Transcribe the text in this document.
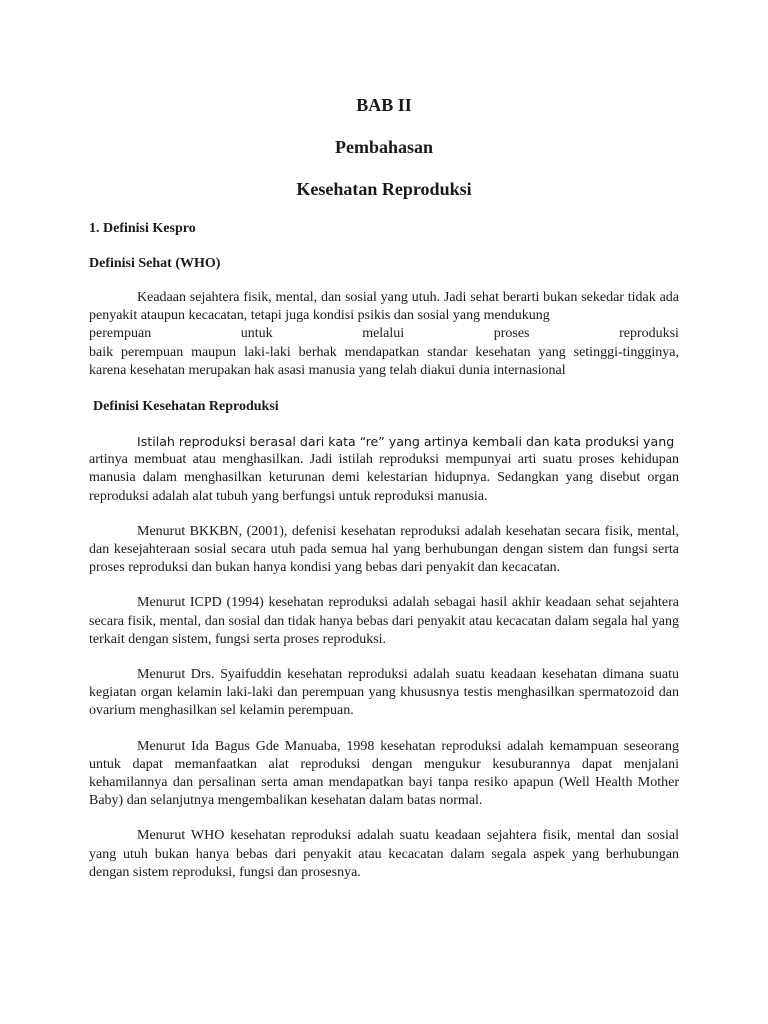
BAB II

Pembahasan

Kesehatan Reproduksi

1. Definisi Kespro

Definisi Sehat (WHO)

Keadaan sejahtera fisik, mental, dan sosial yang utuh. Jadi sehat berarti bukan sekedar tidak ada penyakit ataupun kecacatan, tetapi juga kondisi psikis dan sosial yang mendukung
perempuan	untuk	melalui	proses	reproduksi
baik perempuan maupun laki-laki berhak mendapatkan standar kesehatan yang setinggi-tingginya, karena kesehatan merupakan hak asasi manusia yang telah diakui dunia internasional

Definisi Kesehatan Reproduksi

Istilah reproduksi berasal dari kata “re” yang artinya kembali dan kata produksi yang
artinya membuat atau menghasilkan. Jadi istilah reproduksi mempunyai arti suatu proses kehidupan manusia dalam menghasilkan keturunan demi kelestarian hidupnya. Sedangkan yang disebut organ reproduksi adalah alat tubuh yang berfungsi untuk reproduksi manusia.

Menurut BKKBN, (2001), defenisi kesehatan reproduksi adalah kesehatan secara fisik, mental, dan kesejahteraan sosial secara utuh pada semua hal yang berhubungan dengan sistem dan fungsi serta proses reproduksi dan bukan hanya kondisi yang bebas dari penyakit dan kecacatan.

Menurut ICPD (1994) kesehatan reproduksi adalah sebagai hasil akhir keadaan sehat sejahtera secara fisik, mental, dan sosial dan tidak hanya bebas dari penyakit atau kecacatan dalam segala hal yang terkait dengan sistem, fungsi serta proses reproduksi.

Menurut Drs. Syaifuddin kesehatan reproduksi adalah suatu keadaan kesehatan dimana suatu kegiatan organ kelamin laki-laki dan perempuan yang khususnya testis menghasilkan spermatozoid dan ovarium menghasilkan sel kelamin perempuan.

Menurut Ida Bagus Gde Manuaba, 1998 kesehatan reproduksi adalah kemampuan seseorang untuk dapat memanfaatkan alat reproduksi dengan mengukur kesuburannya dapat menjalani kehamilannya dan persalinan serta aman mendapatkan bayi tanpa resiko apapun (Well Health Mother Baby) dan selanjutnya mengembalikan kesehatan dalam batas normal.

Menurut WHO kesehatan reproduksi adalah suatu keadaan sejahtera fisik, mental dan sosial yang utuh bukan hanya bebas dari penyakit atau kecacatan dalam segala aspek yang berhubungan dengan sistem reproduksi, fungsi dan prosesnya.
